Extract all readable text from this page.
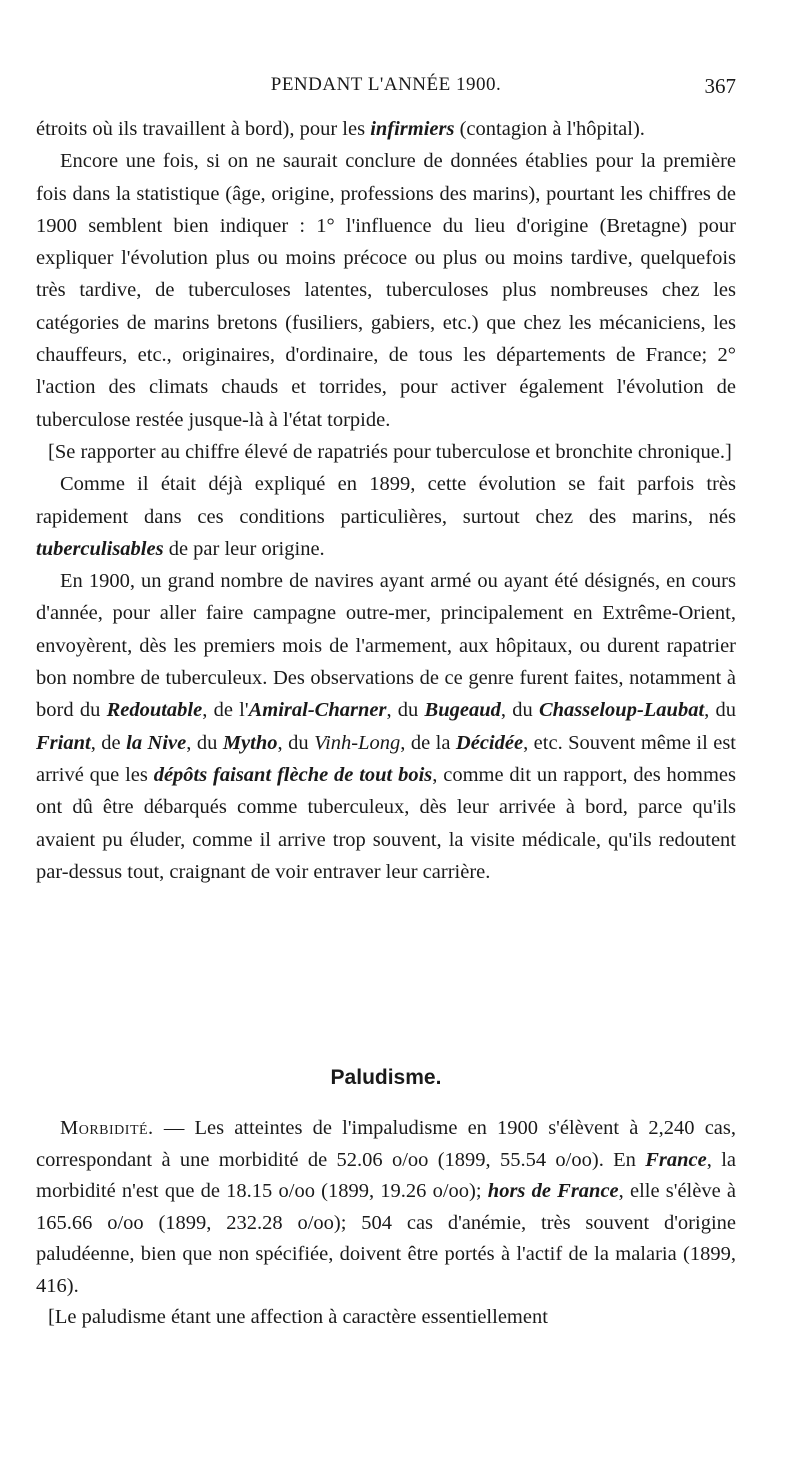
PENDANT L'ANNÉE 1900.	367

étroits où ils travaillent à bord), pour les infirmiers (contagion à l'hôpital).

Encore une fois, si on ne saurait conclure de données établies pour la première fois dans la statistique (âge, origine, professions des marins), pourtant les chiffres de 1900 semblent bien indiquer : 1° l'influence du lieu d'origine (Bretagne) pour expliquer l'évolution plus ou moins précoce ou plus ou moins tardive, quelquefois très tardive, de tuberculoses latentes, tuberculoses plus nombreuses chez les catégories de marins bretons (fusiliers, gabiers, etc.) que chez les mécaniciens, les chauffeurs, etc., originaires, d'ordinaire, de tous les départements de France; 2° l'action des climats chauds et torrides, pour activer également l'évolution de tuberculose restée jusque-là à l'état torpide.

[Se rapporter au chiffre élevé de rapatriés pour tuberculose et bronchite chronique.]

Comme il était déjà expliqué en 1899, cette évolution se fait parfois très rapidement dans ces conditions particulières, surtout chez des marins, nés tuberculisables de par leur origine.

En 1900, un grand nombre de navires ayant armé ou ayant été désignés, en cours d'année, pour aller faire campagne outre-mer, principalement en Extrême-Orient, envoyèrent, dès les premiers mois de l'armement, aux hôpitaux, ou durent rapatrier bon nombre de tuberculeux. Des observations de ce genre furent faites, notamment à bord du Redoutable, de l'Amiral-Charner, du Bugeaud, du Chasseloup-Laubat, du Friant, de la Nive, du Mytho, du Vinh-Long, de la Décidée, etc. Souvent même il est arrivé que les dépôts faisant flèche de tout bois, comme dit un rapport, des hommes ont dû être débarqués comme tuberculeux, dès leur arrivée à bord, parce qu'ils avaient pu éluder, comme il arrive trop souvent, la visite médicale, qu'ils redoutent par-dessus tout, craignant de voir entraver leur carrière.

Paludisme.

Morbidité. — Les atteintes de l'impaludisme en 1900 s'élèvent à 2,240 cas, correspondant à une morbidité de 52.06 o/oo (1899, 55.54 o/oo). En France, la morbidité n'est que de 18.15 o/oo (1899, 19.26 o/oo); hors de France, elle s'élève à 165.66 o/oo (1899, 232.28 o/oo); 504 cas d'anémie, très souvent d'origine paludéenne, bien que non spécifiée, doivent être portés à l'actif de la malaria (1899, 416).

[Le paludisme étant une affection à caractère essentiellement
